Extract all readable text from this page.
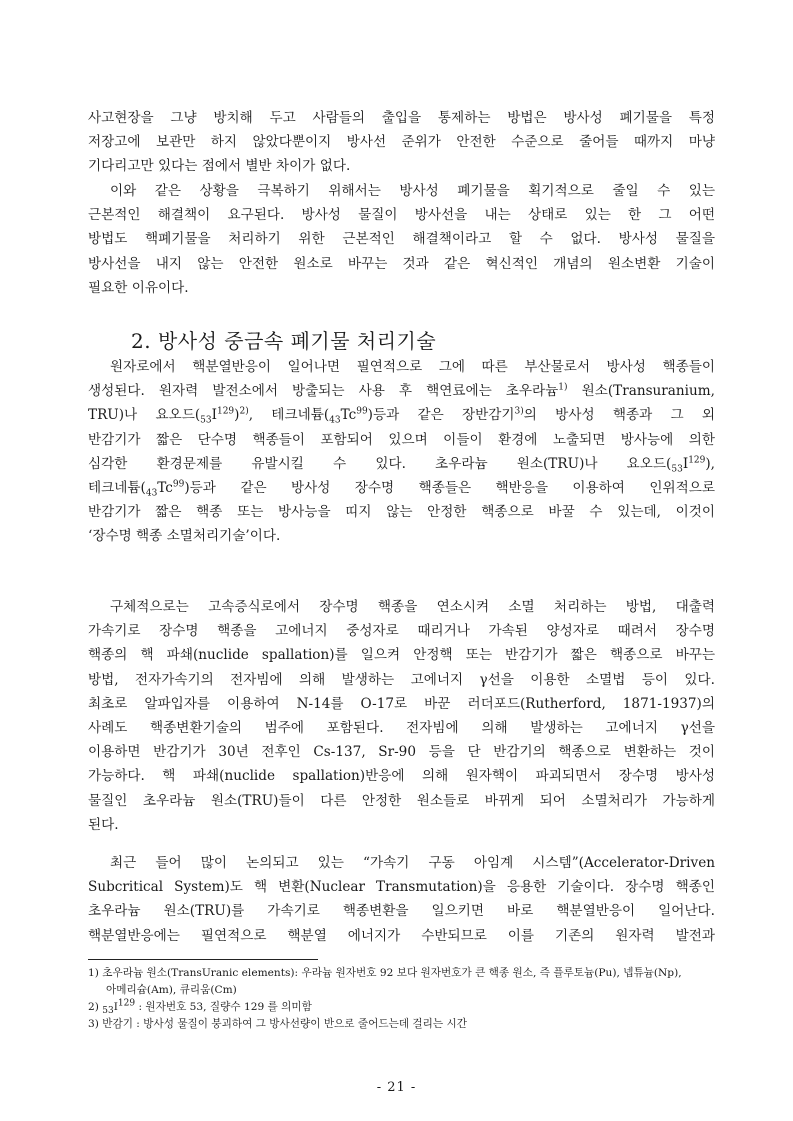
사고현장을 그냥 방치해 두고 사람들의 출입을 통제하는 방법은 방사성 폐기물을 특정
저장고에 보관만 하지 않았다뿐이지 방사선 준위가 안전한 수준으로 줄어들 때까지 마냥
기다리고만 있다는 점에서 별반 차이가 없다.
이와 같은 상황을 극복하기 위해서는 방사성 폐기물을 획기적으로 줄일 수 있는
근본적인 해결책이 요구된다. 방사성 물질이 방사선을 내는 상태로 있는 한 그 어떤
방법도 핵폐기물을 처리하기 위한 근본적인 해결책이라고 할 수 없다. 방사성 물질을
방사선을 내지 않는 안전한 원소로 바꾸는 것과 같은 혁신적인 개념의 원소변환 기술이
필요한 이유이다.
2. 방사성 중금속 폐기물 처리기술
원자로에서 핵분열반응이 일어나면 필연적으로 그에 따른 부산물로서 방사성 핵종들이
생성된다. 원자력 발전소에서 방출되는 사용 후 핵연료에는 초우라늄$^{1)}$ 원소(Transuranium,
TRU)나 요오드$(_{53}I^{129})^{2)}$, 테크네튬$(_{43}Tc^{99})$등과 같은 장반감기$^{3)}$의 방사성 핵종과 그 외
반감기가 짧은 단수명 핵종들이 포함되어 있으며 이들이 환경에 노출되면 방사능에 의한
심각한 환경문제를 유발시킬 수 있다. 초우라늄 원소(TRU)나 요오드$(_{53}I^{129})$,
테크네튬$(_{43}Tc^{99})$등과 같은 방사성 장수명 핵종들은 핵반응을 이용하여 인위적으로
반감기가 짧은 핵종 또는 방사능을 띠지 않는 안정한 핵종으로 바꿀 수 있는데, 이것이
‘장수명 핵종 소멸처리기술’이다.
구체적으로는 고속증식로에서 장수명 핵종을 연소시켜 소멸 처리하는 방법, 대출력
가속기로 장수명 핵종을 고에너지 중성자로 때리거나 가속된 양성자로 때려서 장수명
핵종의 핵 파쇄(nuclide spallation)를 일으켜 안정핵 또는 반감기가 짧은 핵종으로 바꾸는
방법, 전자가속기의 전자빔에 의해 발생하는 고에너지 γ선을 이용한 소멸법 등이 있다.
최초로 알파입자를 이용하여 N-14를 O-17로 바꾼 러더포드(Rutherford, 1871-1937)의
사례도 핵종변환기술의 범주에 포함된다. 전자빔에 의해 발생하는 고에너지 γ선을
이용하면 반감기가 30년 전후인 Cs-137, Sr-90 등을 단 반감기의 핵종으로 변환하는 것이
가능하다. 핵 파쇄(nuclide spallation)반응에 의해 원자핵이 파괴되면서 장수명 방사성
물질인 초우라늄 원소(TRU)들이 다른 안정한 원소들로 바뀌게 되어 소멸처리가 가능하게
된다.
최근 들어 많이 논의되고 있는 “가속기 구동 아임계 시스템”(Accelerator-Driven
Subcritical System)도 핵 변환(Nuclear Transmutation)을 응용한 기술이다. 장수명 핵종인
초우라늄 원소(TRU)를 가속기로 핵종변환을 일으키면 바로 핵분열반응이 일어난다.
핵분열반응에는 필연적으로 핵분열 에너지가 수반되므로 이를 기존의 원자력 발전과

1) 초우라늄 원소(TransUranic elements): 우라늄 원자번호 92 보다 원자번호가 큰 핵종 원소, 즉 플루토늄(Pu), 넵튜늄(Np),

아메리슘(Am), 큐리움(Cm)

2) $_{53}I^{129}$ : 원자번호 53, 질량수 129 를 의미함

3) 반감기 : 방사성 물질이 붕괴하여 그 방사선량이 반으로 줄어드는데 걸리는 시간

- 21 -
